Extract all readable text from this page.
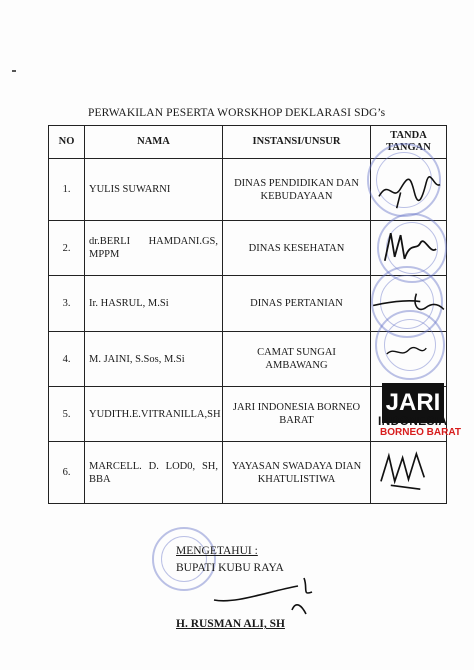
PERWAKILAN PESERTA WORSKHOP DEKLARASI SDG’s
NO	NAMA	INSTANSI/UNSUR	TANDA
TANGAN
1.	YULIS SUWARNI	DINAS PENDIDIKAN DAN KEBUDAYAAN	

2.	dr.BERLI HAMDANI.GS, MPPM	DINAS KESEHATAN	

3.	Ir. HASRUL, M.Si	DINAS PERTANIAN	

4.	M. JAINI, S.Sos, M.Si	CAMAT SUNGAI AMBAWANG	

5.	YUDITH.E.VITRANILLA,SH	JARI INDONESIA BORNEO BARAT	
6.	MARCELL. D. LOD0, SH, BBA	YAYASAN SWADAYA DIAN KHATULISTIWA	
JARI
INDONESIA
BORNEO BARAT
MENGETAHUI :
BUPATI KUBU RAYA
H. RUSMAN ALI, SH
